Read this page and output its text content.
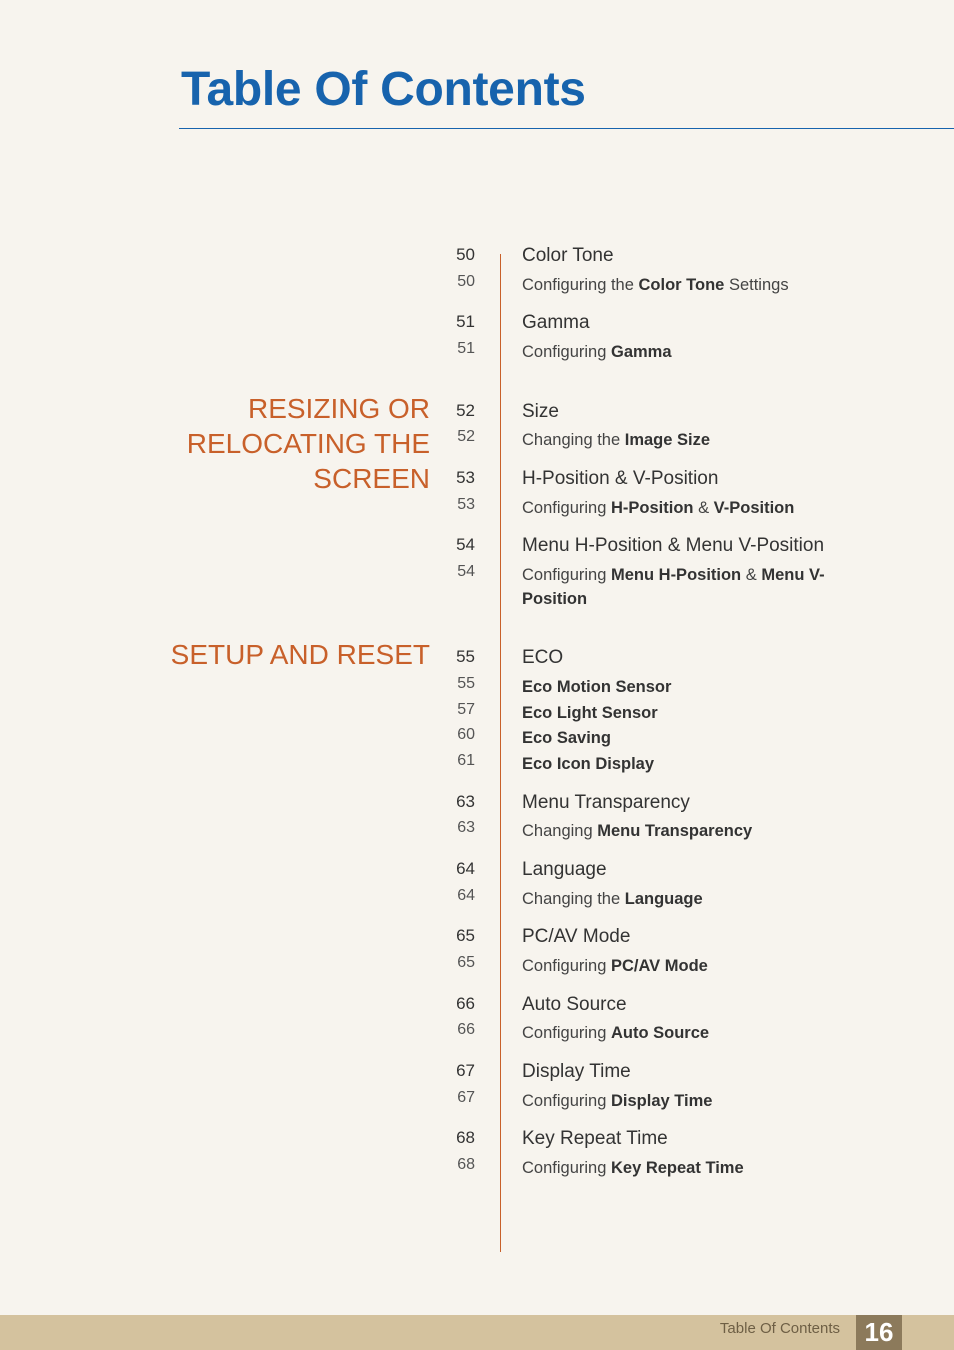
Table Of Contents
RESIZING OR
RELOCATING THE
SCREEN
SETUP AND RESET
50 Color Tone
50	Configuring the Color Tone Settings
51 Gamma
51	Configuring Gamma
52 Size
52	Changing the Image Size
53 H-Position & V-Position
53	Configuring H-Position & V-Position
54 Menu H-Position & Menu V-Position
54	Configuring Menu H-Position & Menu V-Position
55 ECO
55	Eco Motion Sensor
57	Eco Light Sensor
60	Eco Saving
61	Eco Icon Display
63 Menu Transparency
63	Changing Menu Transparency
64 Language
64	Changing the Language
65 PC/AV Mode
65	Configuring PC/AV Mode
66 Auto Source
66	Configuring Auto Source
67 Display Time
67	Configuring Display Time
68 Key Repeat Time
68	Configuring Key Repeat Time
Table Of Contents 16
